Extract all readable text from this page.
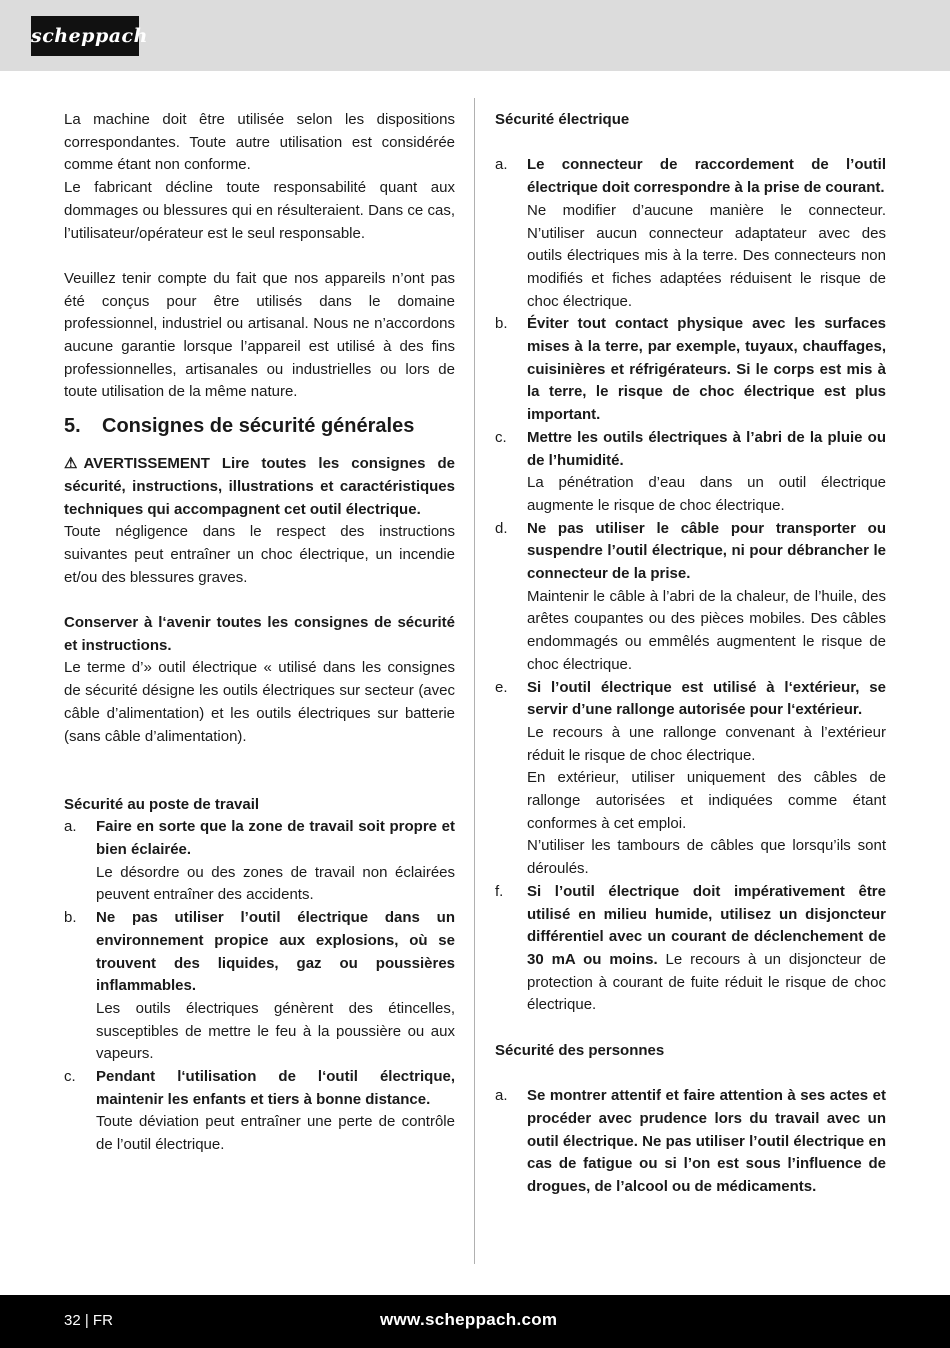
scheppach

La machine doit être utilisée selon les dispositions correspondantes. Toute autre utilisation est considérée comme étant non conforme.

Le fabricant décline toute responsabilité quant aux dommages ou blessures qui en résulteraient. Dans ce cas, l’utilisateur/opérateur est le seul responsable.

Veuillez tenir compte du fait que nos appareils n’ont pas été conçus pour être utilisés dans le domaine professionnel, industriel ou artisanal. Nous ne n’accordons aucune garantie lorsque l’appareil est utilisé à des fins professionnelles, artisanales ou industrielles ou lors de toute utilisation de la même nature.

5. Consignes de sécurité générales

⚠ AVERTISSEMENT Lire toutes les consignes de sécurité, instructions, illustrations et caractéristiques techniques qui accompagnent cet outil électrique.

Toute négligence dans le respect des instructions suivantes peut entraîner un choc électrique, un incendie et/ou des blessures graves.

Conserver à l‘avenir toutes les consignes de sécurité et instructions.

Le terme d’» outil électrique « utilisé dans les consignes de sécurité désigne les outils électriques sur secteur (avec câble d’alimentation) et les outils électriques sur batterie (sans câble d’alimentation).

Sécurité au poste de travail

a. Faire en sorte que la zone de travail soit propre et bien éclairée.

Le désordre ou des zones de travail non éclairées peuvent entraîner des accidents.

b. Ne pas utiliser l’outil électrique dans un environnement propice aux explosions, où se trouvent des liquides, gaz ou poussières inflammables.

Les outils électriques génèrent des étincelles, susceptibles de mettre le feu à la poussière ou aux vapeurs.

c. Pendant l‘utilisation de l‘outil électrique, maintenir les enfants et tiers à bonne distance.

Toute déviation peut entraîner une perte de contrôle de l’outil électrique.

Sécurité électrique

a. Le connecteur de raccordement de l’outil électrique doit correspondre à la prise de courant.

Ne modifier d’aucune manière le connecteur. N’utiliser aucun connecteur adaptateur avec des outils électriques mis à la terre. Des connecteurs non modifiés et fiches adaptées réduisent le risque de choc électrique.

b. Éviter tout contact physique avec les surfaces mises à la terre, par exemple, tuyaux, chauffages, cuisinières et réfrigérateurs. Si le corps est mis à la terre, le risque de choc électrique est plus important.

c. Mettre les outils électriques à l’abri de la pluie ou de l’humidité.

La pénétration d’eau dans un outil électrique augmente le risque de choc électrique.

d. Ne pas utiliser le câble pour transporter ou suspendre l’outil électrique, ni pour débrancher le connecteur de la prise.

Maintenir le câble à l’abri de la chaleur, de l’huile, des arêtes coupantes ou des pièces mobiles. Des câbles endommagés ou emmêlés augmentent le risque de choc électrique.

e. Si l’outil électrique est utilisé à l‘extérieur, se servir d’une rallonge autorisée pour l‘extérieur.

Le recours à une rallonge convenant à l’extérieur réduit le risque de choc électrique.

En extérieur, utiliser uniquement des câbles de rallonge autorisées et indiquées comme étant conformes à cet emploi.

N’utiliser les tambours de câbles que lorsqu’ils sont déroulés.

f. Si l’outil électrique doit impérativement être utilisé en milieu humide, utilisez un disjoncteur différentiel avec un courant de déclenchement de 30 mA ou moins. Le recours à un disjoncteur de protection à courant de fuite réduit le risque de choc électrique.

Sécurité des personnes

a. Se montrer attentif et faire attention à ses actes et procéder avec prudence lors du travail avec un outil électrique. Ne pas utiliser l’outil électrique en cas de fatigue ou si l’on est sous l’influence de drogues, de l’alcool ou de médicaments.

32 | FR	www.scheppach.com
